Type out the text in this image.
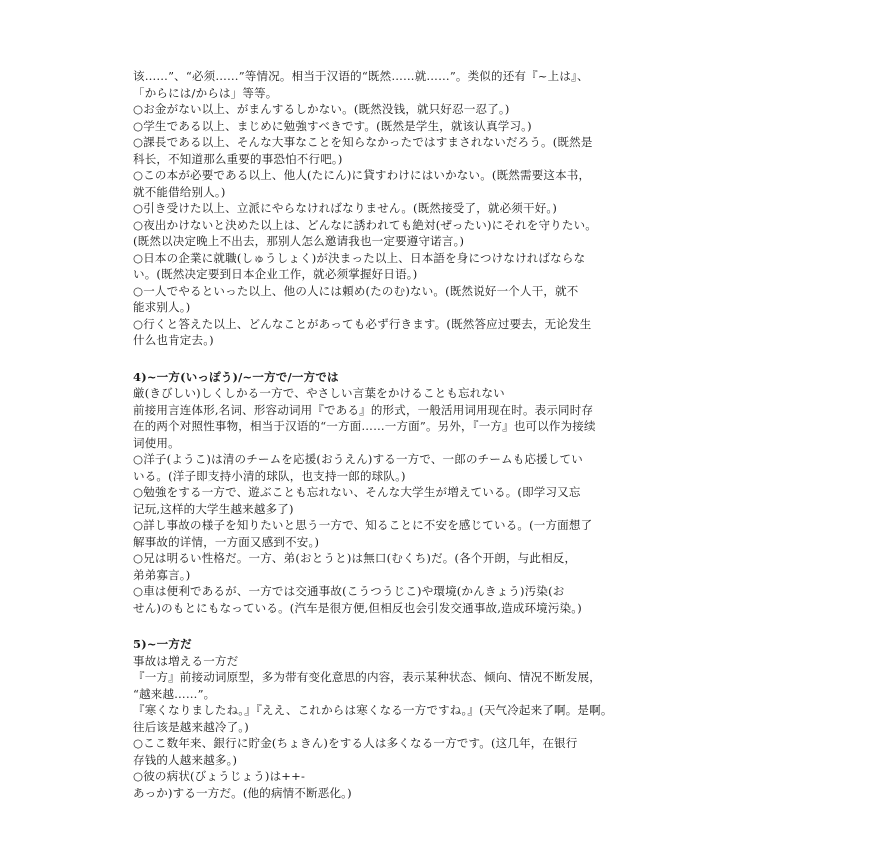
该……”、“必须……”等情况。相当于汉语的“既然……就……”。类似的还有『~上は』、
「からには/からは」等等。
○お金がない以上、がまんするしかない。(既然没钱，就只好忍一忍了。)
○学生である以上、まじめに勉強すべきです。(既然是学生，就该认真学习。)
○課長である以上、そんな大事なことを知らなかったではすまされないだろう。(既然是
科长，不知道那么重要的事恐怕不行吧。)
○この本が必要である以上、他人(たにん)に貸すわけにはいかない。(既然需要这本书，
就不能借给别人。)
○引き受けた以上、立派にやらなければなりません。(既然接受了，就必须干好。)
○夜出かけないと決めた以上は、どんなに誘われても絶対(ぜったい)にそれを守りたい。
(既然以决定晚上不出去，那别人怎么邀请我也一定要遵守诺言。)
○日本の企業に就職(しゅうしょく)が決まった以上、日本語を身につけなければならな
い。(既然决定要到日本企业工作，就必须掌握好日语。)
○一人でやるといった以上、他の人には頼め(たのむ)ない。(既然说好一个人干，就不
能求别人。)
○行くと答えた以上、どんなことがあっても必ず行きます。(既然答应过要去，无论发生
什么也肯定去。)
4)~一方(いっぽう)/~一方で/一方では
厳(きびしい)しくしかる一方で、やさしい言葉をかけることも忘れない
前接用言连体形,名词、形容动词用『である』的形式，一般活用词用现在时。表示同时存
在的两个对照性事物，相当于汉语的“一方面……一方面”。另外，『一方』也可以作为接续
词使用。
○洋子(ようこ)は清のチームを応援(おうえん)する一方で、一郎のチームも応援してい
いる。(洋子即支持小清的球队，也支持一郎的球队。)
○勉強をする一方で、遊ぶことも忘れない、そんな大学生が増えている。(即学习又忘
记玩,这样的大学生越来越多了)
○詳し事故の様子を知りたいと思う一方で、知ることに不安を感じている。(一方面想了
解事故的详情，一方面又感到不安。)
○兄は明るい性格だ。一方、弟(おとうと)は無口(むくち)だ。(各个开朗，与此相反，
弟弟寡言。)
○車は便利であるが、一方では交通事故(こうつうじこ)や環境(かんきょう)汚染(お
せん)のもとにもなっている。(汽车是很方便,但相反也会引发交通事故,造成环境污染。)
5)~一方だ
事故は増える一方だ
『一方』前接动词原型，多为带有变化意思的内容，表示某种状态、倾向、情况不断发展，
“越来越……”。
『寒くなりましたね。』『ええ、これからは寒くなる一方ですね。』(天气冷起来了啊。是啊。
往后该是越来越冷了。)
○ここ数年来、銀行に貯金(ちょきん)をする人は多くなる一方です。(这几年，在银行
存钱的人越来越多。)
○彼の病状(びょうじょう)は++-
あっか)する一方だ。(他的病情不断恶化。)
